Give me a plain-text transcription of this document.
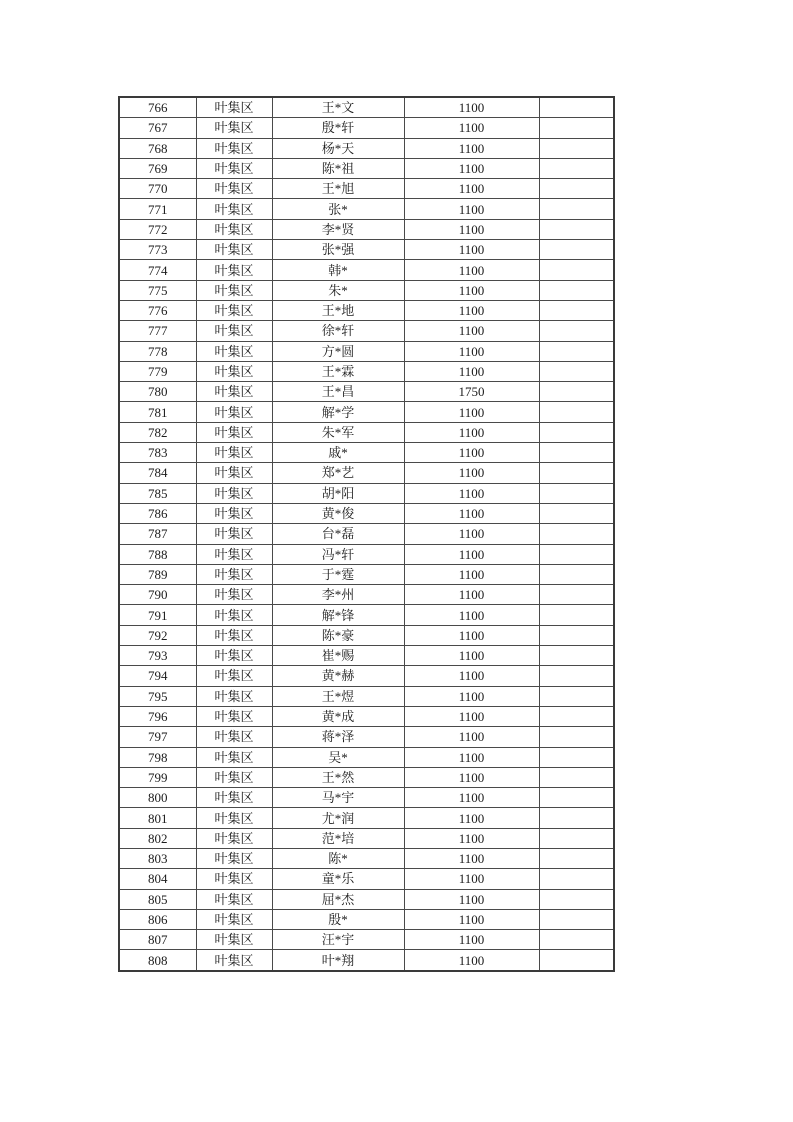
766	叶集区	王*文	1100	
767	叶集区	殷*轩	1100	
768	叶集区	杨*天	1100	
769	叶集区	陈*祖	1100	
770	叶集区	王*旭	1100	
771	叶集区	张*	1100	
772	叶集区	李*贤	1100	
773	叶集区	张*强	1100	
774	叶集区	韩*	1100	
775	叶集区	朱*	1100	
776	叶集区	王*地	1100	
777	叶集区	徐*轩	1100	
778	叶集区	方*圆	1100	
779	叶集区	王*霖	1100	
780	叶集区	王*昌	1750	
781	叶集区	解*学	1100	
782	叶集区	朱*军	1100	
783	叶集区	戚*	1100	
784	叶集区	郑*艺	1100	
785	叶集区	胡*阳	1100	
786	叶集区	黄*俊	1100	
787	叶集区	台*磊	1100	
788	叶集区	冯*轩	1100	
789	叶集区	于*霆	1100	
790	叶集区	李*州	1100	
791	叶集区	解*锋	1100	
792	叶集区	陈*豪	1100	
793	叶集区	崔*赐	1100	
794	叶集区	黄*赫	1100	
795	叶集区	王*煜	1100	
796	叶集区	黄*成	1100	
797	叶集区	蒋*泽	1100	
798	叶集区	吴*	1100	
799	叶集区	王*然	1100	
800	叶集区	马*宇	1100	
801	叶集区	尤*润	1100	
802	叶集区	范*培	1100	
803	叶集区	陈*	1100	
804	叶集区	童*乐	1100	
805	叶集区	屈*杰	1100	
806	叶集区	殷*	1100	
807	叶集区	汪*宇	1100	
808	叶集区	叶*翔	1100	
